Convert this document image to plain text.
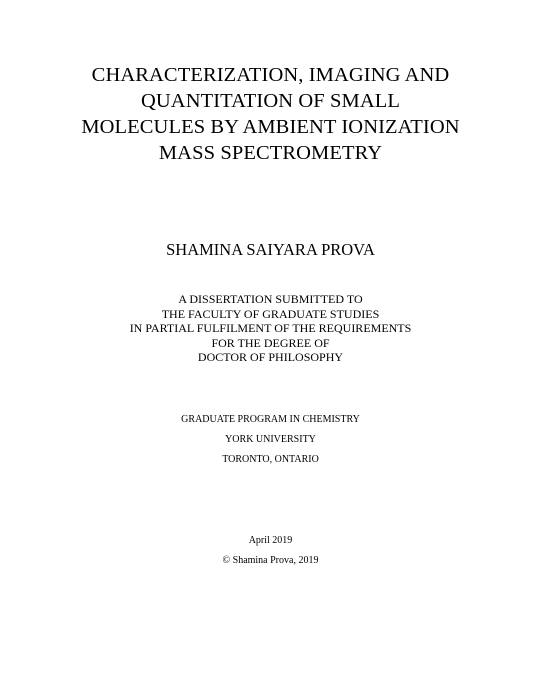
CHARACTERIZATION, IMAGING AND
QUANTITATION OF SMALL
MOLECULES BY AMBIENT IONIZATION
MASS SPECTROMETRY
SHAMINA SAIYARA PROVA
A DISSERTATION SUBMITTED TO
THE FACULTY OF GRADUATE STUDIES
IN PARTIAL FULFILMENT OF THE REQUIREMENTS
FOR THE DEGREE OF
DOCTOR OF PHILOSOPHY
GRADUATE PROGRAM IN CHEMISTRY
YORK UNIVERSITY
TORONTO, ONTARIO
April 2019
© Shamina Prova, 2019
